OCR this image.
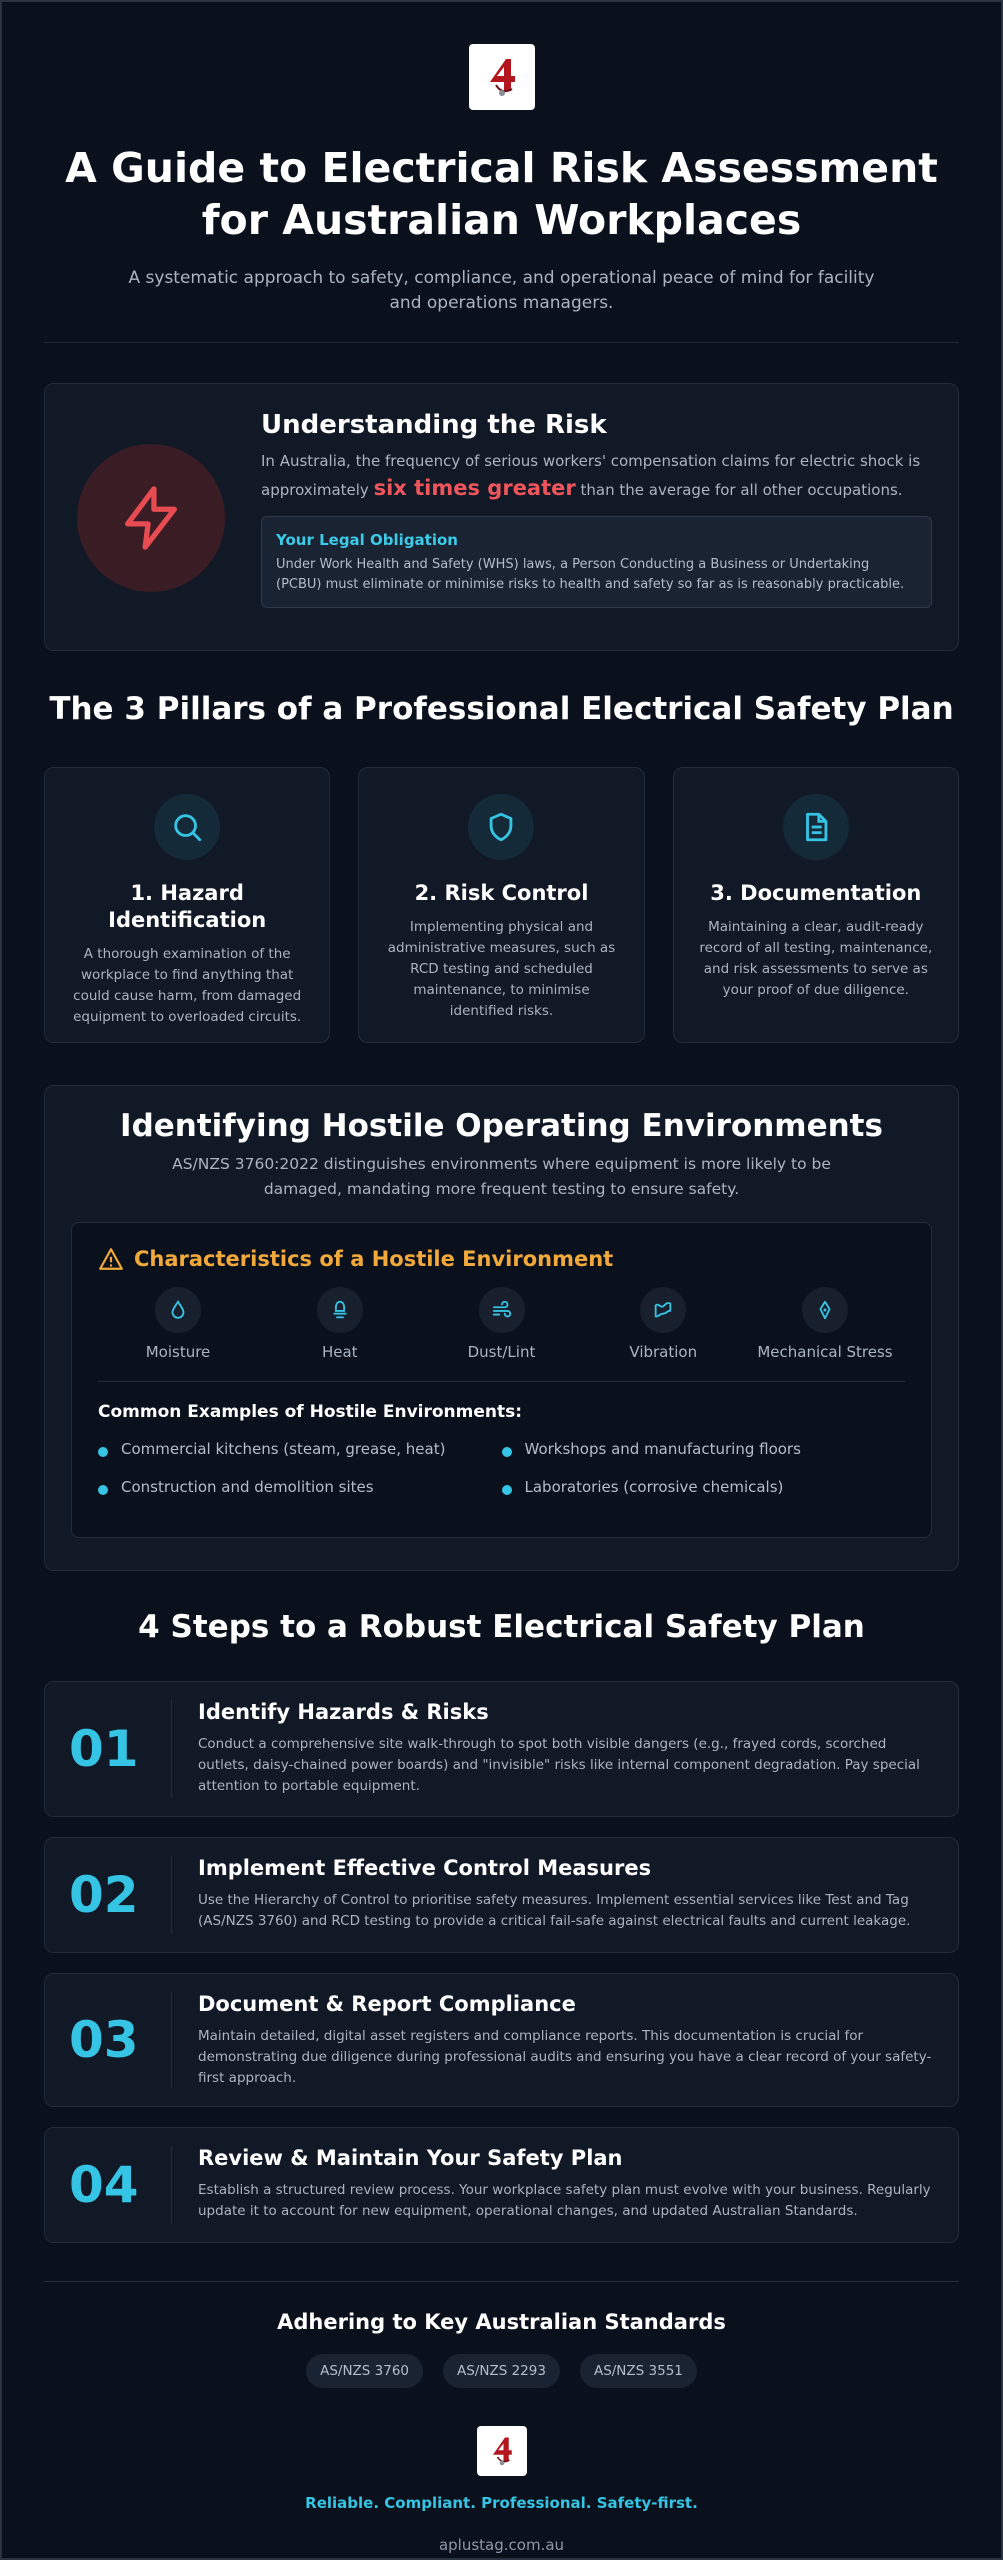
A Guide to Electrical Risk Assessment
for Australian Workplaces

A systematic approach to safety, compliance, and operational peace of mind for facility and operations managers.

Understanding the Risk

In Australia, the frequency of serious workers' compensation claims for electric shock is approximately six times greater than the average for all other occupations.

Your Legal Obligation
Under Work Health and Safety (WHS) laws, a Person Conducting a Business or Undertaking (PCBU) must eliminate or minimise risks to health and safety so far as is reasonably practicable.
The 3 Pillars of a Professional Electrical Safety Plan
1. Hazard Identification
A thorough examination of the workplace to find anything that could cause harm, from damaged equipment to overloaded circuits.
2. Risk Control
Implementing physical and administrative measures, such as RCD testing and scheduled maintenance, to minimise identified risks.
3. Documentation
Maintaining a clear, audit-ready record of all testing, maintenance, and risk assessments to serve as your proof of due diligence.
Identifying Hostile Operating Environments

AS/NZS 3760:2022 distinguishes environments where equipment is more likely to be damaged, mandating more frequent testing to ensure safety.

Characteristics of a Hostile Environment
Moisture	Heat	Dust/Lint	Vibration	Mechanical Stress
Common Examples of Hostile Environments:
Commercial kitchens (steam, grease, heat)	Workshops and manufacturing floors
Construction and demolition sites	Laboratories (corrosive chemicals)
4 Steps to a Robust Electrical Safety Plan
01
Identify Hazards & Risks
Conduct a comprehensive site walk-through to spot both visible dangers (e.g., frayed cords, scorched outlets, daisy-chained power boards) and "invisible" risks like internal component degradation. Pay special attention to portable equipment.
02	Implement Effective Control Measures
Use the Hierarchy of Control to prioritise safety measures. Implement essential services like Test and Tag (AS/NZS 3760) and RCD testing to provide a critical fail-safe against electrical faults and current leakage.
03
Document & Report Compliance
Maintain detailed, digital asset registers and compliance reports. This documentation is crucial for demonstrating due diligence during professional audits and ensuring you have a clear record of your safety-first approach.
04	Review & Maintain Your Safety Plan
Establish a structured review process. Your workplace safety plan must evolve with your business. Regularly update it to account for new equipment, operational changes, and updated Australian Standards.
Adhering to Key Australian Standards
AS/NZS 3760	AS/NZS 2293	AS/NZS 3551
Reliable. Compliant. Professional. Safety-first.
aplustag.com.au
